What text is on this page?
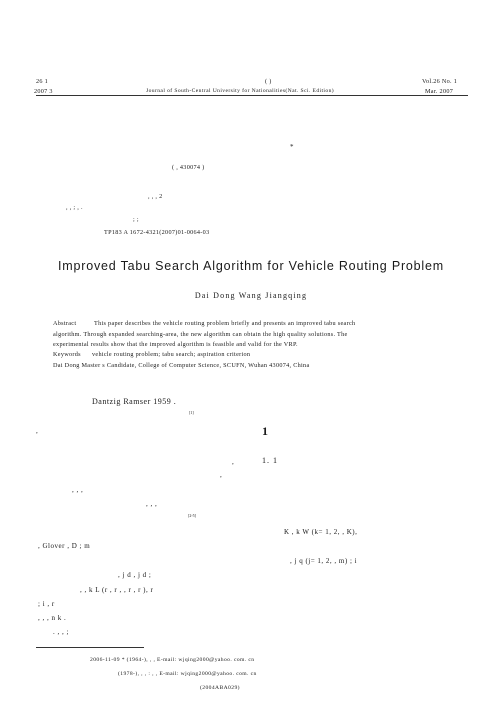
26 1
2007 3
( )
Journal of South-Central University for Nationalities(Nat. Sci. Edition)
Vol.26 No. 1
Mar. 2007
*
( , 430074 )
, , , 2
, , ; , .
; ;
TP183 A 1672-4321(2007)01-0064-03
Improved Tabu Search Algorithm for Vehicle Routing Problem
Dai Dong Wang Jiangqing
Abstract	This paper describes the vehicle routing problem briefly and presents an improved tabu search
algorithm. Through expanded searching-area, the new algorithm can obtain the high quality solutions. The
experimental results show that the improved algorithm is feasible and valid for the VRP.
Keywords vehicle routing problem; tabu search; aspiration criterion
Dai Dong Master s Candidate, College of Computer Science, SCUFN, Wuhan 430074, China
Dantzig Ramser 1959 .
[1]
,	1
,	1. 1
,
, , ,
, , ,
[2-5]
K , k W (k= 1, 2, , K),
, Glover , D ; m
, j q (j= 1, 2, , m) ; i
, j d , j d ;
, , k L (r , r , , r , r ), r
; i , r
, , , n k .
. , , ;
2006-11-09 * (1964-), , , E-mail: wjqing2000@yahoo. com. cn
(1978-), , , : , , E-mail: wjqing2000@yahoo. com. cn
(2004ABA029)
